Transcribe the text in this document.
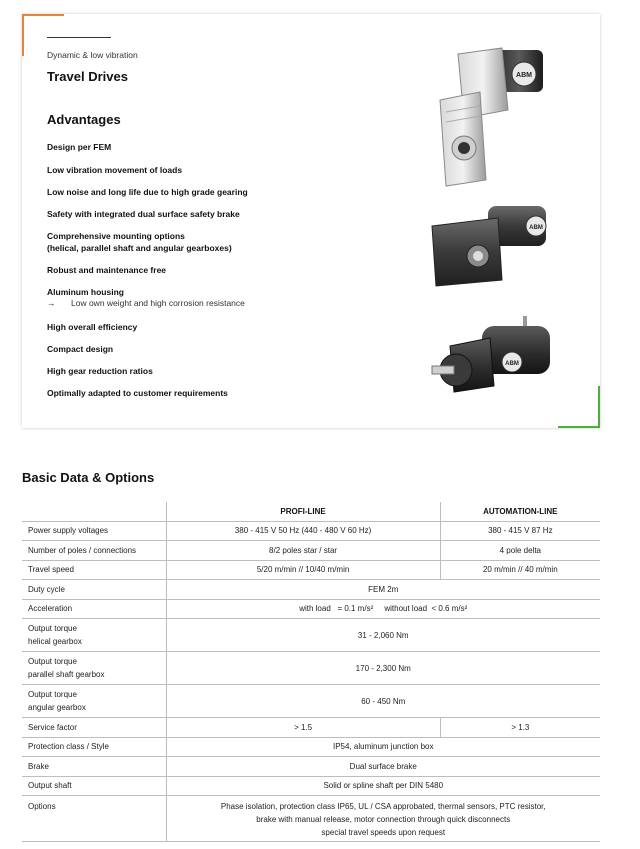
Dynamic & low vibration
Travel Drives
Advantages
Design per FEM
Low vibration movement of loads
Low noise and long life due to high grade gearing
Safety with integrated dual surface safety brake
Comprehensive mounting options
(helical, parallel shaft and angular gearboxes)
Robust and maintenance free
Aluminum housing
→ Low own weight and high corrosion resistance
High overall efficiency
Compact design
High gear reduction ratios
Optimally adapted to customer requirements
ABM
ABM
ABM
Basic Data & Options
	PROFI-LINE	AUTOMATION-LINE
Power supply voltages	380 - 415 V 50 Hz (440 - 480 V 60 Hz)	380 - 415 V 87 Hz
Number of poles / connections	8/2 poles star / star	4 pole delta
Travel speed	5/20 m/min // 10/40 m/min	20 m/min // 40 m/min
Duty cycle	FEM 2m	
Acceleration	with load   = 0.1 m/s²     without load  < 0.6 m/s²	

Output torque
helical gearbox	31 - 2,060 Nm	

Output torque
parallel shaft gearbox	170 - 2,300 Nm	

Output torque
angular gearbox	60 - 450 Nm	
Service factor	> 1.5	> 1.3
Protection class / Style	IP54, aluminum junction box	
Brake	Dual surface brake	
Output shaft	Solid or spline shaft per DIN 5480	
Options	Phase isolation, protection class IP65, UL / CSA approbated, thermal sensors, PTC resistor,
brake with manual release, motor connection through quick disconnects
special travel speeds upon request	
